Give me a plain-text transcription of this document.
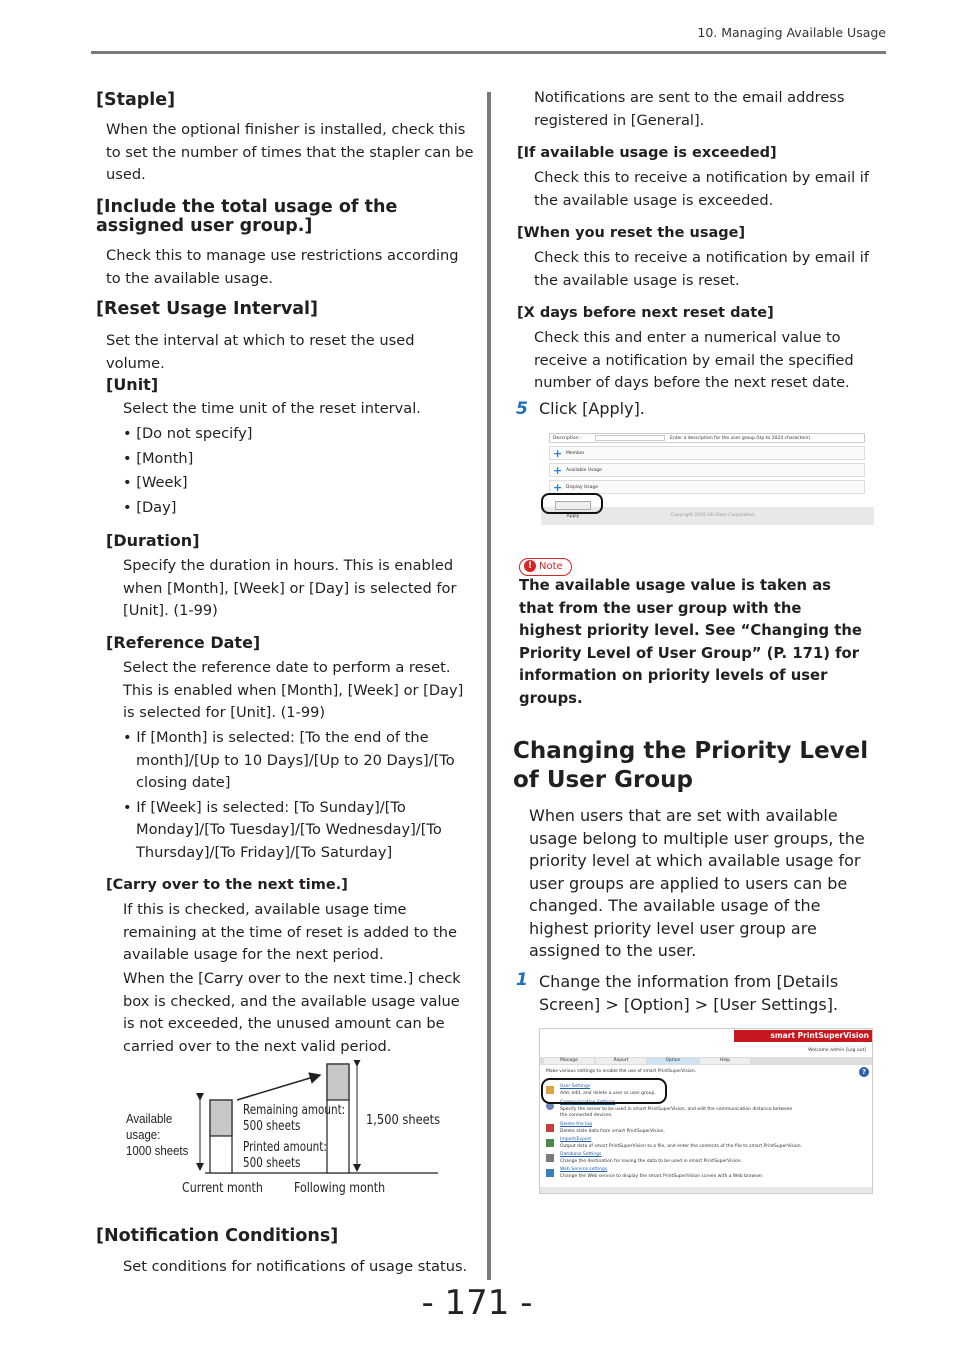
10. Managing Available Usage
[Staple]

When the optional finisher is installed, check this to set the number of times that the stapler can be used.

[Include the total usage of the assigned user group.]

Check this to manage use restrictions according to the available usage.

[Reset Usage Interval]

Set the interval at which to reset the used volume.

[Unit]

Select the time unit of the reset interval.

• [Do not specify]
• [Month]
• [Week]
• [Day]
[Duration]

Specify the duration in hours. This is enabled when [Month], [Week] or [Day] is selected for [Unit]. (1-99)

[Reference Date]

Select the reference date to perform a reset. This is enabled when [Month], [Week] or [Day] is selected for [Unit]. (1-99)

• If [Month] is selected: [To the end of the month]/[Up to 10 Days]/[Up to 20 Days]/[To closing date]
• If [Week] is selected: [To Sunday]/[To Monday]/[To Tuesday]/[To Wednesday]/[To Thursday]/[To Friday]/[To Saturday]
[Carry over to the next time.]

If this is checked, available usage time remaining at the time of reset is added to the available usage for the next period.

When the [Carry over to the next time.] check box is checked, and the available usage value is not exceeded, the unused amount can be carried over to the next valid period.

Available
usage:
1000 sheets
Remaining amount:
500 sheets
Printed amount:
500 sheets
1,500 sheets
Current month Following month
[Notification Conditions]

Set conditions for notifications of usage status.

Notifications are sent to the email address registered in [General].

[If available usage is exceeded]

Check this to receive a notification by email if the available usage is exceeded.

[When you reset the usage]

Check this to receive a notification by email if the available usage is reset.

[X days before next reset date]

Check this and enter a numerical value to receive a notification by email the specified number of days before the next reset date.

5 Click [Apply].
Description :	Enter a description for the user group.(Up to 1024 characters)
+ Member
+ Available Usage
+ Display Usage
Copyright 2016 Oki Data Corporation
Apply
! Note

The available usage value is taken as that from the user group with the highest priority level. See “Changing the Priority Level of User Group” (P. 171) for information on priority levels of user groups.

Changing the Priority Level of User Group

When users that are set with available usage belong to multiple user groups, the priority level at which available usage for user groups are applied to users can be changed. The available usage of the highest priority level user group are assigned to the user.

1 Change the information from [Details Screen] > [Option] > [User Settings].
smart PrintSuperVision
Welcome admin [Log out]
Manage	Report	Option	Help
Make various settings to enable the use of smart PrintSuperVision.	?
User Settings
Add, edit, and delete a user or user group.
Communication Settings
Specify the server to be used in smart PrintSuperVision, and edit the communication distance between the connected devices.
Delete the log
Delete stale data from smart PrintSuperVision.
Import/Export
Output data of smart PrintSuperVision to a file, and enter the contents of the file to smart PrintSuperVision.
Database Settings
Change the destination for saving the data to be used in smart PrintSuperVision.
Web Service settings
Change the Web service to display the smart PrintSuperVision screen with a Web browser.
- 171 -
